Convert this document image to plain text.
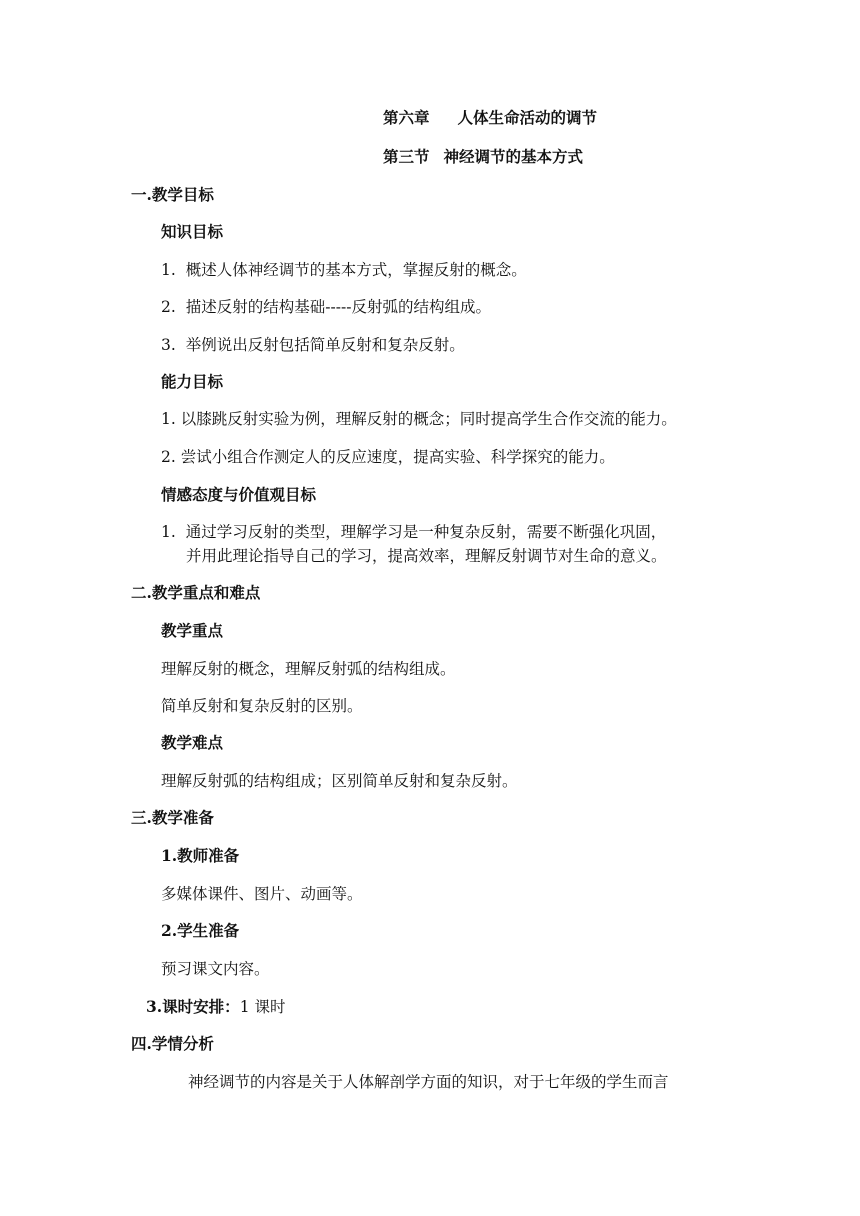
第六章 人体生命活动的调节
第三节 神经调节的基本方式
一.教学目标
知识目标
1. 概述人体神经调节的基本方式，掌握反射的概念。
2. 描述反射的结构基础-----反射弧的结构组成。
3. 举例说出反射包括简单反射和复杂反射。
能力目标
1. 以膝跳反射实验为例，理解反射的概念；同时提高学生合作交流的能力。
2. 尝试小组合作测定人的反应速度，提高实验、科学探究的能力。
情感态度与价值观目标
1. 通过学习反射的类型，理解学习是一种复杂反射，需要不断强化巩固，
并用此理论指导自己的学习，提高效率，理解反射调节对生命的意义。
二.教学重点和难点
教学重点
理解反射的概念，理解反射弧的结构组成。
简单反射和复杂反射的区别。
教学难点
理解反射弧的结构组成；区别简单反射和复杂反射。
三.教学准备
1.教师准备
多媒体课件、图片、动画等。
2.学生准备
预习课文内容。
3.课时安排：1 课时
四.学情分析
神经调节的内容是关于人体解剖学方面的知识，对于七年级的学生而言
